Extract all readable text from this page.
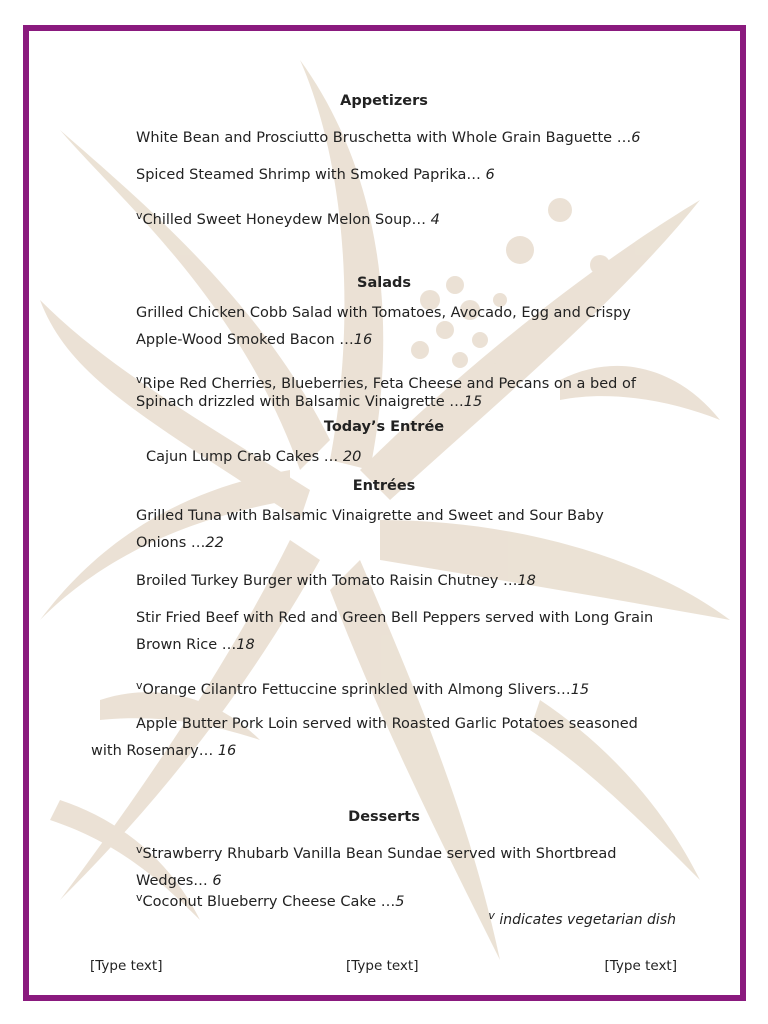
Appetizers
White Bean and Prosciutto Bruschetta with Whole Grain Baguette …6
Spiced Steamed Shrimp with Smoked Paprika… 6
$^v$Chilled Sweet Honeydew Melon Soup… 4
Salads
Grilled Chicken Cobb Salad with Tomatoes, Avocado, Egg and Crispy
Apple-Wood Smoked Bacon …16
$^v$Ripe Red Cherries, Blueberries, Feta Cheese and Pecans on a bed of
Spinach drizzled with Balsamic Vinaigrette …15
Today’s Entrée
Cajun Lump Crab Cakes … 20
Entrées
Grilled Tuna with Balsamic Vinaigrette and Sweet and Sour Baby
Onions …22
Broiled Turkey Burger with Tomato Raisin Chutney …18
Stir Fried Beef with Red and Green Bell Peppers served with Long Grain
Brown Rice …18
$^v$Orange Cilantro Fettuccine sprinkled with Almong Slivers…15
Apple Butter Pork Loin served with Roasted Garlic Potatoes seasoned
with Rosemary… 16
Desserts
$^v$Strawberry Rhubarb Vanilla Bean Sundae served with Shortbread
Wedges… 6
$^v$Coconut Blueberry Cheese Cake …5
$^v$ indicates vegetarian dish
[Type text]	[Type text]	[Type text]
